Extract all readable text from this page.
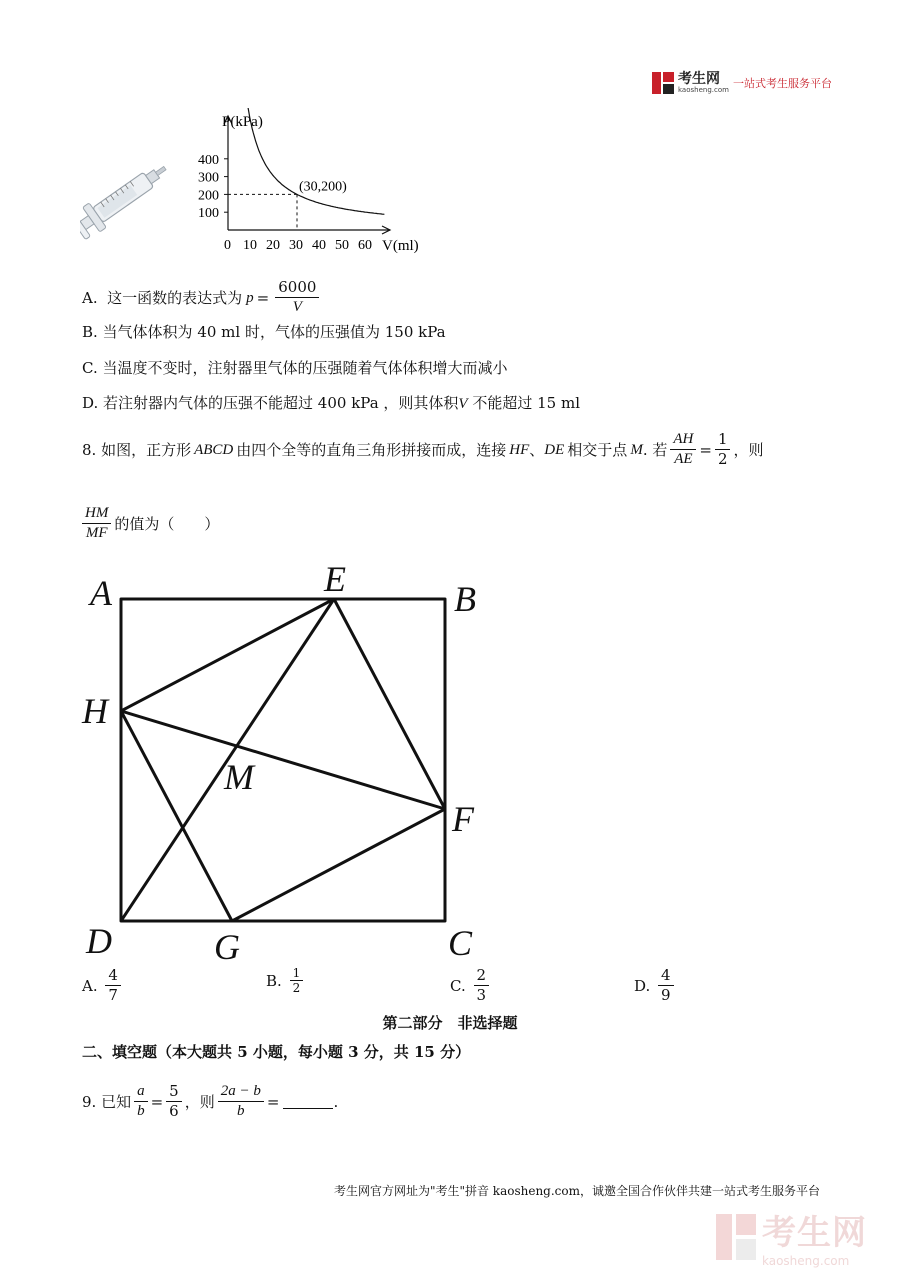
考生网
kaosheng.com 一站式考生服务平台
P(kPa)
V(ml)
400
300
200
100
0 10 20 30 40 50 60
(30,200)
A.
这一函数的表达式为 $p = \frac{6000}{V}$
B. 当气体体积为 40 ml 时，气体的压强值为 150 kPa
C. 当温度不变时，注射器里气体的压强随着气体体积增大而减小
D. 若注射器内气体的压强不能超过 400 kPa ，则其体积V 不能超过 15 ml
8. 如图，正方形 ABCD 由四个全等的直角三角形拼接而成，连接 HF 、 DE 相交于点 M . 若 $\frac{AH}{AE} = \frac{1}{2}$ ，则
$\frac{HM}{MF}$ 的值为（　　）
A	B
C
D
E
F
G
H
M
A.
$\frac{4}{7}$	B.
$\frac{1}{2}$	C.
$\frac{2}{3}$	D.
$\frac{4}{9}$
第二部分　非选择题
二、填空题（本大题共 5 小题，每小题 3 分，共 15 分）
9. 已知 $\frac{a}{b} = \frac{5}{6}$ ，则 $\frac{2a - b}{b}$ =	.
考生网官方网址为"考生"拼音 kaosheng.com，诚邀全国合作伙伴共建一站式考生服务平台
考生网
kaosheng.com
